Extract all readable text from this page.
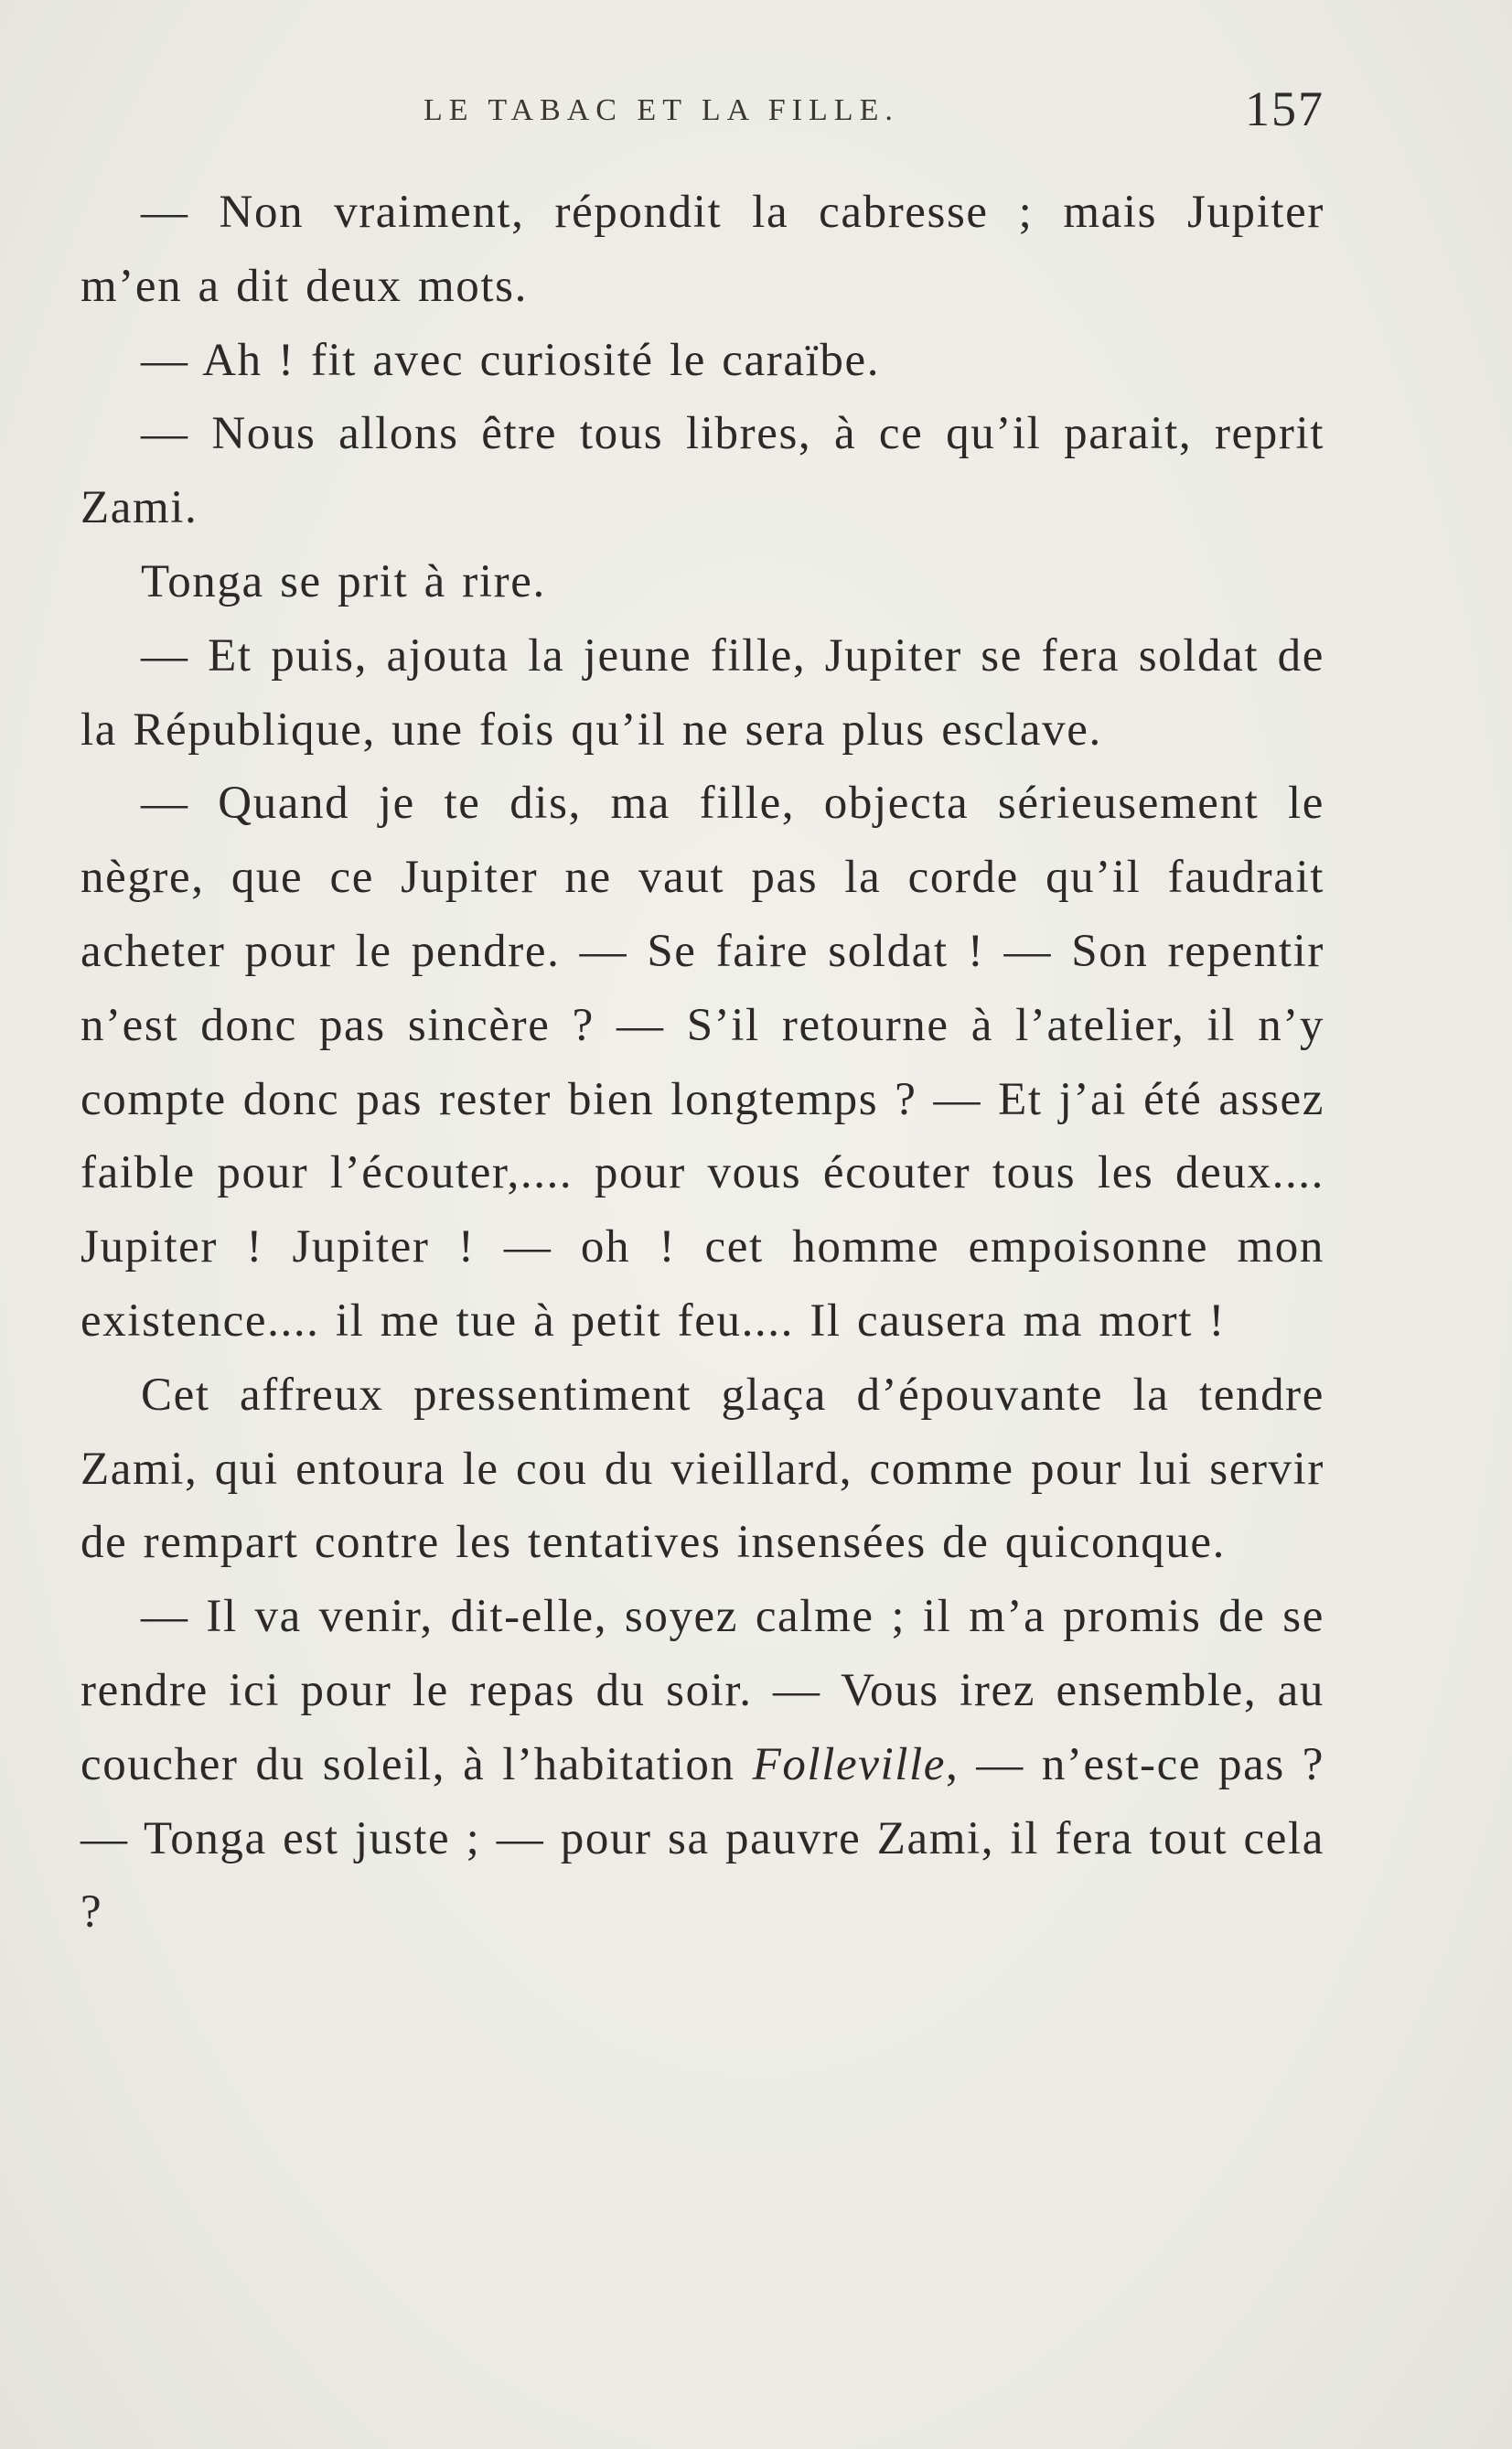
LE TABAC ET LA FILLE.	157

— Non vraiment, répondit la cabresse ; mais Jupiter m’en a dit deux mots.

— Ah ! fit avec curiosité le caraïbe.

— Nous allons être tous libres, à ce qu’il parait, reprit Zami.

Tonga se prit à rire.

— Et puis, ajouta la jeune fille, Jupiter se fera soldat de la République, une fois qu’il ne sera plus esclave.

— Quand je te dis, ma fille, objecta sérieusement le nègre, que ce Jupiter ne vaut pas la corde qu’il faudrait acheter pour le pendre. — Se faire soldat ! — Son repentir n’est donc pas sincère ? — S’il retourne à l’atelier, il n’y compte donc pas rester bien longtemps ? — Et j’ai été assez faible pour l’écouter,.... pour vous écouter tous les deux.... Jupiter ! Jupiter ! — oh ! cet homme empoisonne mon existence.... il me tue à petit feu.... Il causera ma mort !

Cet affreux pressentiment glaça d’épouvante la tendre Zami, qui entoura le cou du vieillard, comme pour lui servir de rempart contre les tentatives insensées de quiconque.

— Il va venir, dit-elle, soyez calme ; il m’a promis de se rendre ici pour le repas du soir. — Vous irez ensemble, au coucher du soleil, à l’habitation Folleville, — n’est-ce pas ? — Tonga est juste ; — pour sa pauvre Zami, il fera tout cela ?
